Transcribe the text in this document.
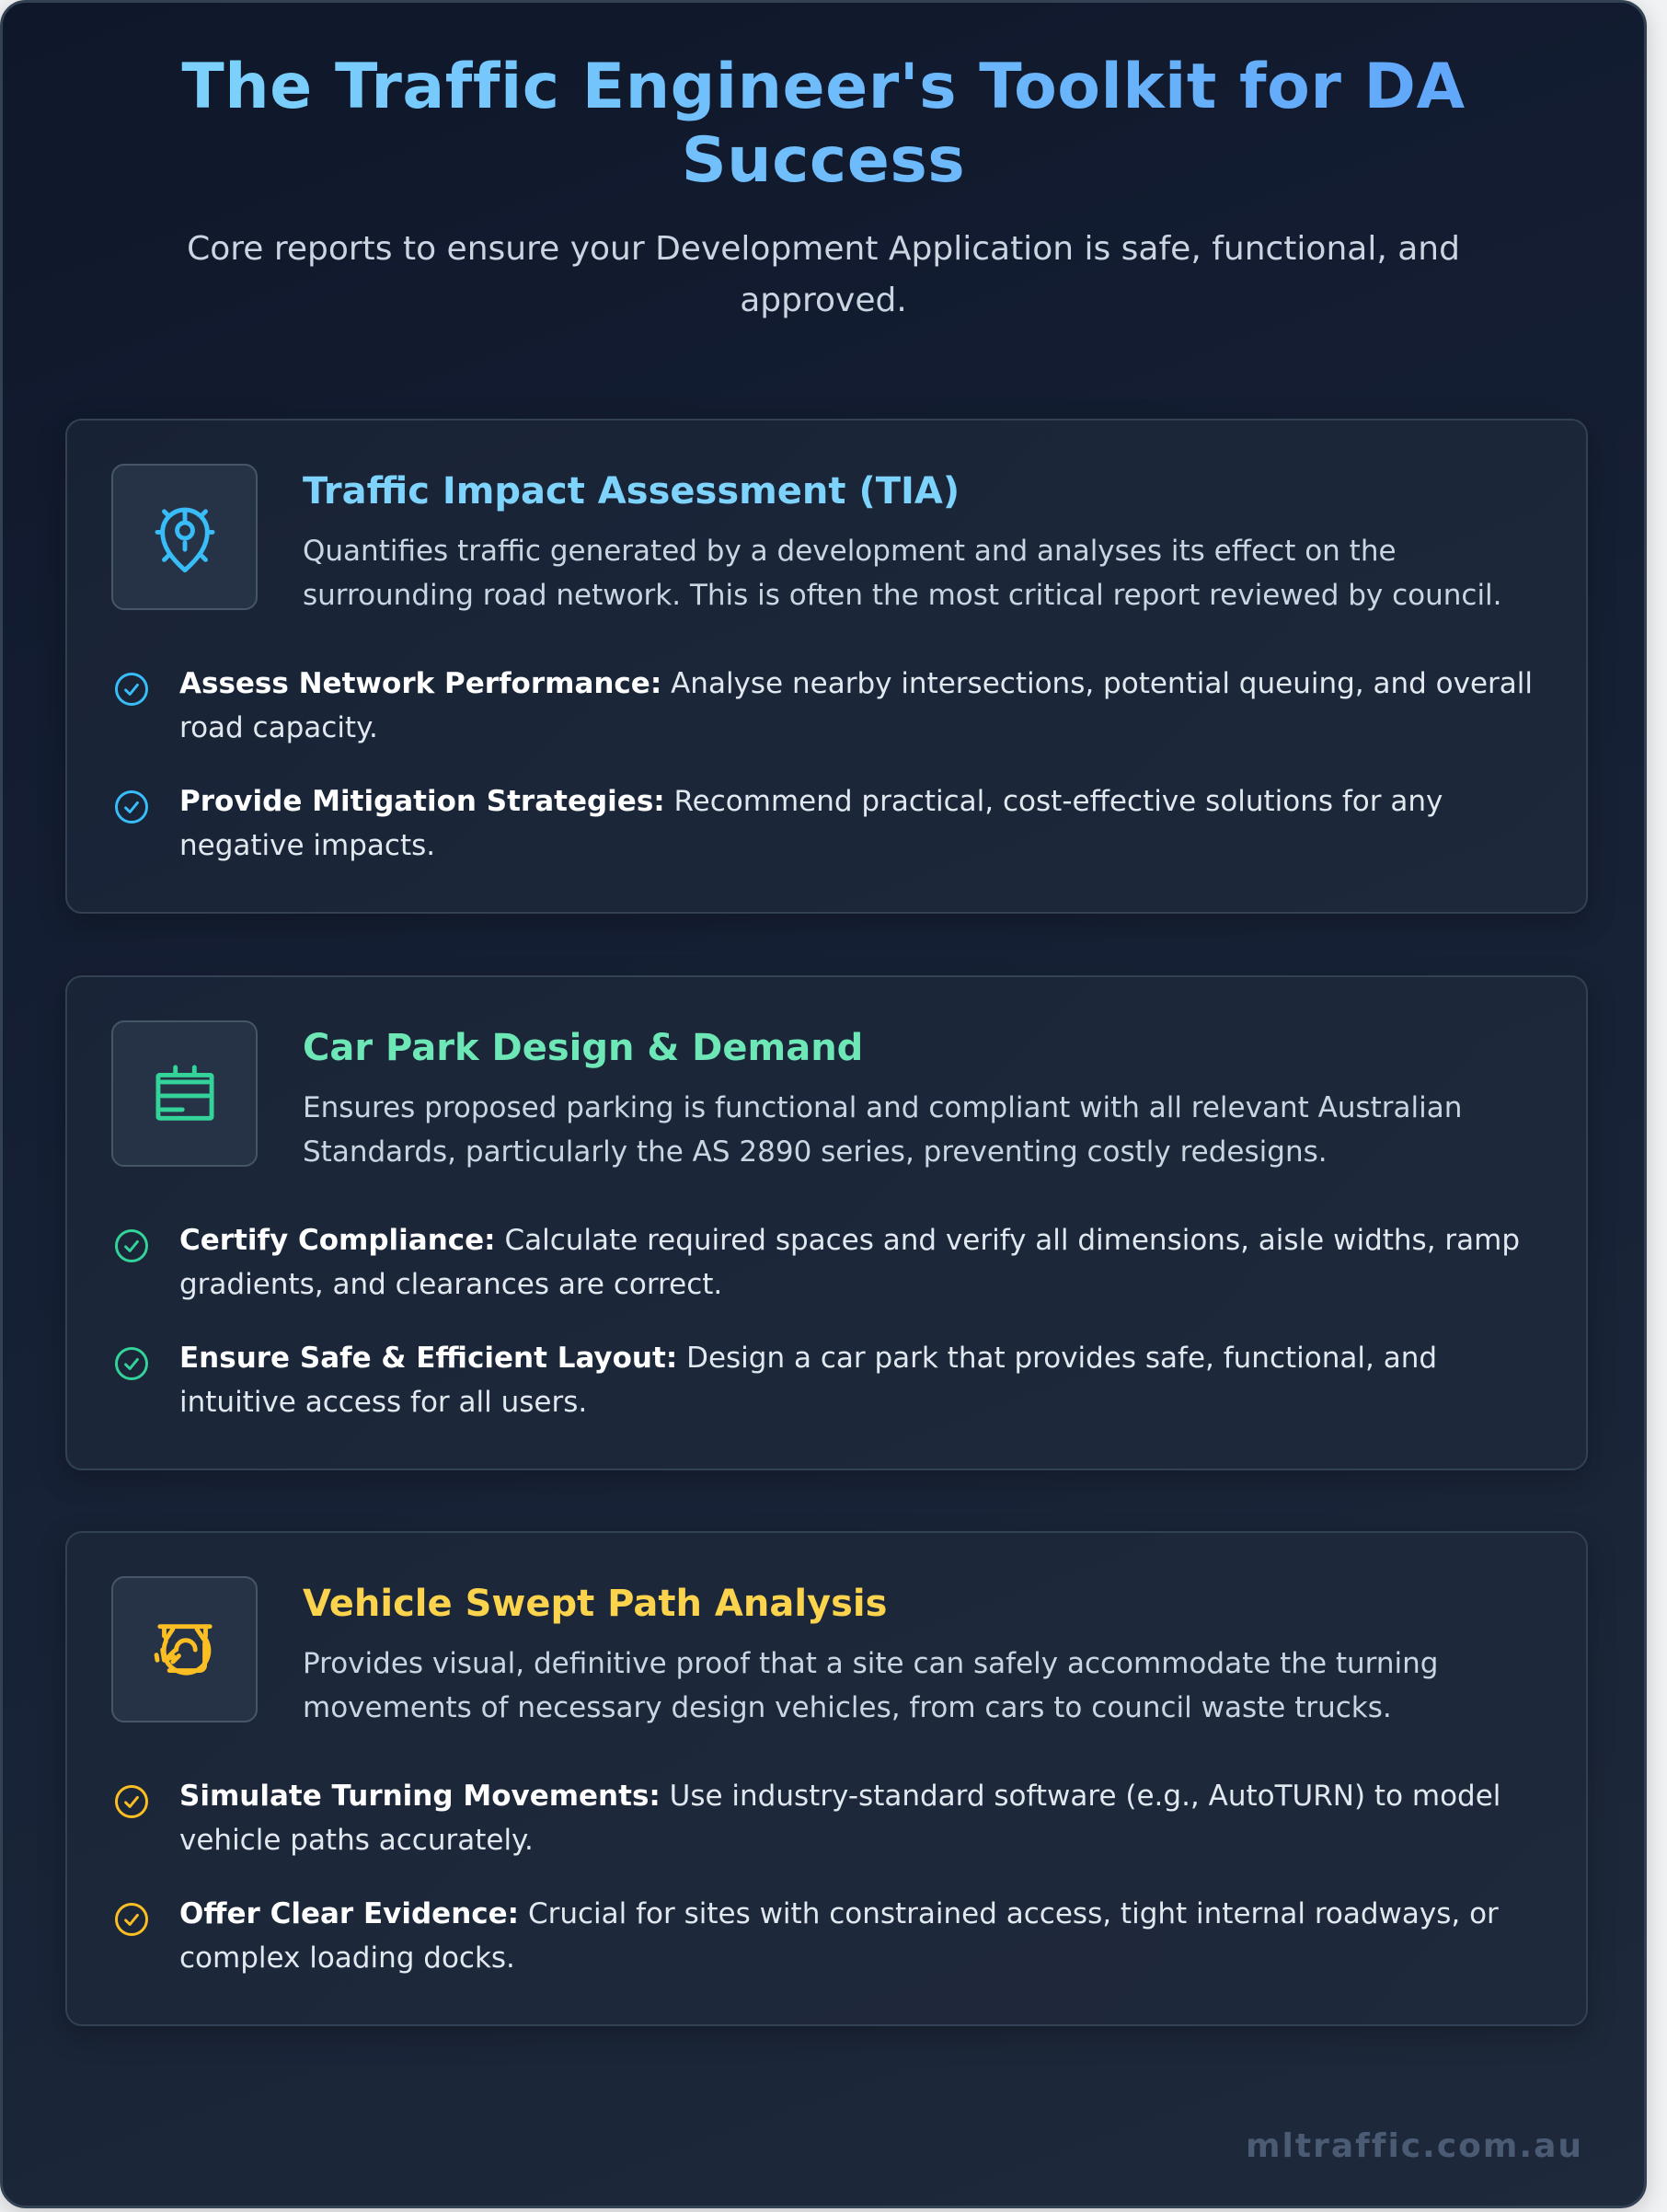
The Traffic Engineer's Toolkit for DA Success
Core reports to ensure your Development Application is safe, functional, and approved.
Traffic Impact Assessment (TIA)
Quantifies traffic generated by a development and analyses its effect on the surrounding road network. This is often the most critical report reviewed by council.
Assess Network Performance: Analyse nearby intersections, potential queuing, and overall road capacity.
Provide Mitigation Strategies: Recommend practical, cost-effective solutions for any negative impacts.
Car Park Design & Demand
Ensures proposed parking is functional and compliant with all relevant Australian Standards, particularly the AS 2890 series, preventing costly redesigns.
Certify Compliance: Calculate required spaces and verify all dimensions, aisle widths, ramp gradients, and clearances are correct.
Ensure Safe & Efficient Layout: Design a car park that provides safe, functional, and intuitive access for all users.
Vehicle Swept Path Analysis
Provides visual, definitive proof that a site can safely accommodate the turning movements of necessary design vehicles, from cars to council waste trucks.
Simulate Turning Movements: Use industry-standard software (e.g., AutoTURN) to model vehicle paths accurately.
Offer Clear Evidence: Crucial for sites with constrained access, tight internal roadways, or complex loading docks.
mltraffic.com.au
